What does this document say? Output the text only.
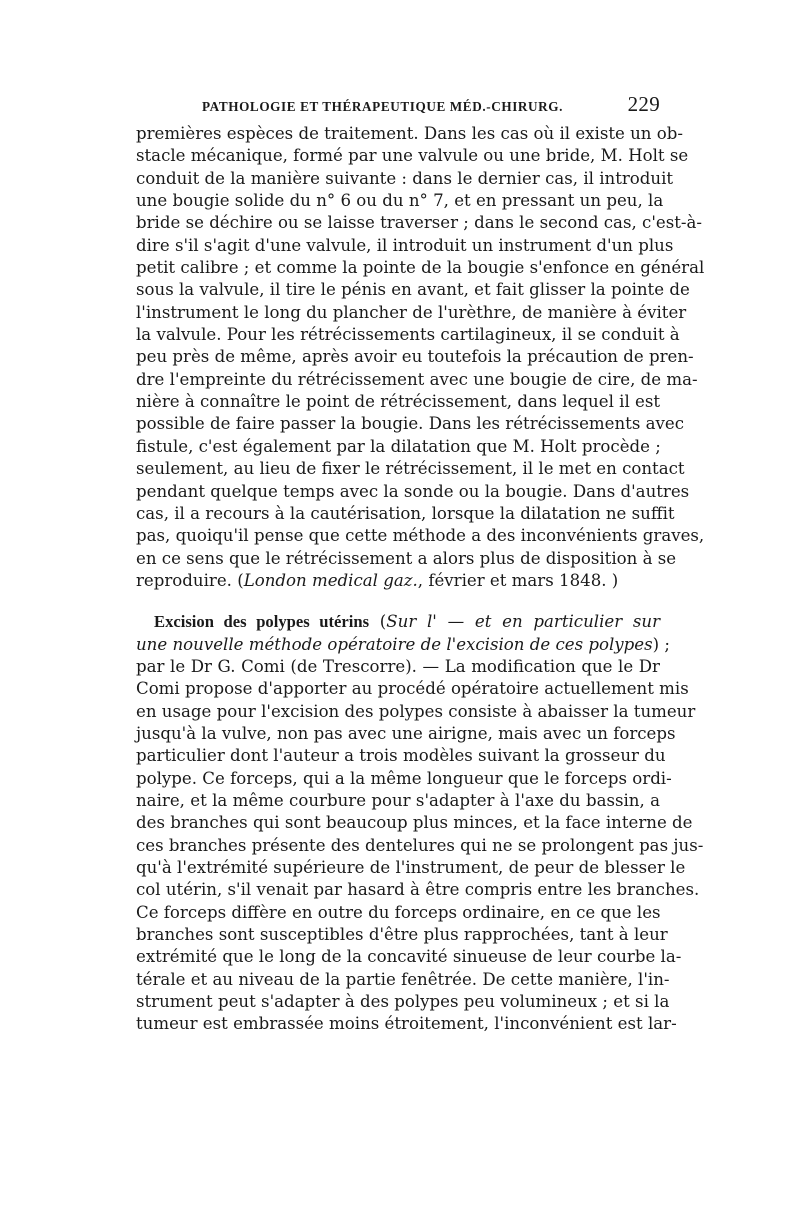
PATHOLOGIE ET THÉRAPEUTIQUE MÉD.-CHIRURG.	229
premières espèces de traitement. Dans les cas où il existe un ob-
stacle mécanique, formé par une valvule ou une bride, M. Holt se
conduit de la manière suivante : dans le dernier cas, il introduit
une bougie solide du n° 6 ou du n° 7, et en pressant un peu, la
bride se déchire ou se laisse traverser ; dans le second cas, c'est-à-
dire s'il s'agit d'une valvule, il introduit un instrument d'un plus
petit calibre ; et comme la pointe de la bougie s'enfonce en général
sous la valvule, il tire le pénis en avant, et fait glisser la pointe de
l'instrument le long du plancher de l'urèthre, de manière à éviter
la valvule. Pour les rétrécissements cartilagineux, il se conduit à
peu près de même, après avoir eu toutefois la précaution de pren-
dre l'empreinte du rétrécissement avec une bougie de cire, de ma-
nière à connaître le point de rétrécissement, dans lequel il est
possible de faire passer la bougie. Dans les rétrécissements avec
fistule, c'est également par la dilatation que M. Holt procède ;
seulement, au lieu de fixer le rétrécissement, il le met en contact
pendant quelque temps avec la sonde ou la bougie. Dans d'autres
cas, il a recours à la cautérisation, lorsque la dilatation ne suffit
pas, quoiqu'il pense que cette méthode a des inconvénients graves,
en ce sens que le rétrécissement a alors plus de disposition à se
reproduire. (London medical gaz., février et mars 1848. )
Excision des polypes utérins (Sur l' — et en particulier sur
une nouvelle méthode opératoire de l'excision de ces polypes) ;
par le Dr G. Comi (de Trescorre). — La modification que le Dr
Comi propose d'apporter au procédé opératoire actuellement mis
en usage pour l'excision des polypes consiste à abaisser la tumeur
jusqu'à la vulve, non pas avec une airigne, mais avec un forceps
particulier dont l'auteur a trois modèles suivant la grosseur du
polype. Ce forceps, qui a la même longueur que le forceps ordi-
naire, et la même courbure pour s'adapter à l'axe du bassin, a
des branches qui sont beaucoup plus minces, et la face interne de
ces branches présente des dentelures qui ne se prolongent pas jus-
qu'à l'extrémité supérieure de l'instrument, de peur de blesser le
col utérin, s'il venait par hasard à être compris entre les branches.
Ce forceps diffère en outre du forceps ordinaire, en ce que les
branches sont susceptibles d'être plus rapprochées, tant à leur
extrémité que le long de la concavité sinueuse de leur courbe la-
térale et au niveau de la partie fenêtrée. De cette manière, l'in-
strument peut s'adapter à des polypes peu volumineux ; et si la
tumeur est embrassée moins étroitement, l'inconvénient est lar-
